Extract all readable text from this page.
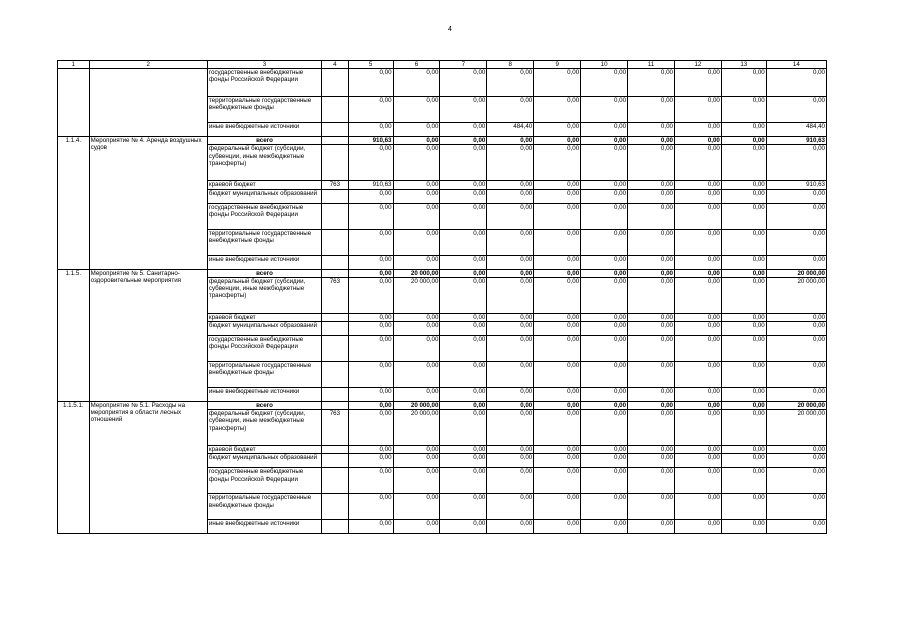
4
1	2	3	4	5	6	7	8	9	10	11	12	13	14
		государственные внебюджетные фонды Российской Федерации		0,00	0,00	0,00	0,00	0,00	0,00	0,00	0,00	0,00	0,00
		территориальные государственные внебюджетные фонды		0,00	0,00	0,00	0,00	0,00	0,00	0,00	0,00	0,00	0,00
		иные внебюджетные источники		0,00	0,00	0,00	484,40	0,00	0,00	0,00	0,00	0,00	484,40
1.1.4.	Мероприятие № 4. Аренда воздушных судов	всего		910,63	0,00	0,00	0,00	0,00	0,00	0,00	0,00	0,00	910,63
		федеральный бюджет (субсидии, субвенции, иные межбюджетные трансферты)		0,00	0,00	0,00	0,00	0,00	0,00	0,00	0,00	0,00	0,00
		краевой бюджет	763	910,63	0,00	0,00	0,00	0,00	0,00	0,00	0,00	0,00	910,63
		бюджет муниципальных образований		0,00	0,00	0,00	0,00	0,00	0,00	0,00	0,00	0,00	0,00
		государственные внебюджетные фонды Российской Федерации		0,00	0,00	0,00	0,00	0,00	0,00	0,00	0,00	0,00	0,00
		территориальные государственные внебюджетные фонды		0,00	0,00	0,00	0,00	0,00	0,00	0,00	0,00	0,00	0,00
		иные внебюджетные источники		0,00	0,00	0,00	0,00	0,00	0,00	0,00	0,00	0,00	0,00
1.1.5.	Мероприятие № 5. Санитарно-оздоровительные мероприятия	всего		0,00	20 000,00	0,00	0,00	0,00	0,00	0,00	0,00	0,00	20 000,00
		федеральный бюджет (субсидии, субвенции, иные межбюджетные трансферты)	763	0,00	20 000,00	0,00	0,00	0,00	0,00	0,00	0,00	0,00	20 000,00
		краевой бюджет		0,00	0,00	0,00	0,00	0,00	0,00	0,00	0,00	0,00	0,00
		бюджет муниципальных образований		0,00	0,00	0,00	0,00	0,00	0,00	0,00	0,00	0,00	0,00
		государственные внебюджетные фонды Российской Федерации		0,00	0,00	0,00	0,00	0,00	0,00	0,00	0,00	0,00	0,00
		территориальные государственные внебюджетные фонды		0,00	0,00	0,00	0,00	0,00	0,00	0,00	0,00	0,00	0,00
		иные внебюджетные источники		0,00	0,00	0,00	0,00	0,00	0,00	0,00	0,00	0,00	0,00
1.1.5.1.	Мероприятие № 5.1. Расходы на мероприятия в области лесных отношений	всего		0,00	20 000,00	0,00	0,00	0,00	0,00	0,00	0,00	0,00	20 000,00
		федеральный бюджет (субсидии, субвенции, иные межбюджетные трансферты)	763	0,00	20 000,00	0,00	0,00	0,00	0,00	0,00	0,00	0,00	20 000,00
		краевой бюджет		0,00	0,00	0,00	0,00	0,00	0,00	0,00	0,00	0,00	0,00
		бюджет муниципальных образований		0,00	0,00	0,00	0,00	0,00	0,00	0,00	0,00	0,00	0,00
		государственные внебюджетные фонды Российской Федерации		0,00	0,00	0,00	0,00	0,00	0,00	0,00	0,00	0,00	0,00
		территориальные государственные внебюджетные фонды		0,00	0,00	0,00	0,00	0,00	0,00	0,00	0,00	0,00	0,00
		иные внебюджетные источники		0,00	0,00	0,00	0,00	0,00	0,00	0,00	0,00	0,00	0,00
